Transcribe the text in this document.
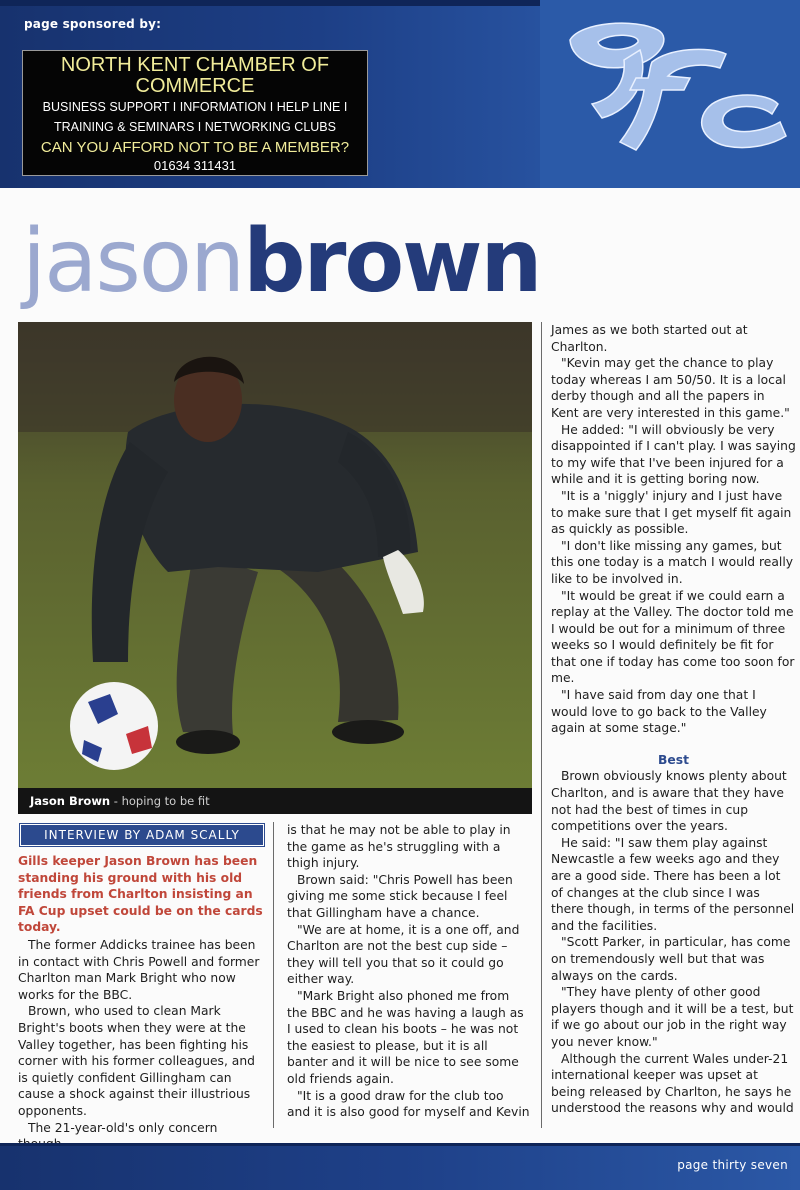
page sponsored by:
NORTH KENT CHAMBER OF COMMERCE
BUSINESS SUPPORT I INFORMATION I HELP LINE I
TRAINING & SEMINARS I NETWORKING CLUBS
CAN YOU AFFORD NOT TO BE A MEMBER?
01634 311431
jasonbrown
Jason Brown - hoping to be fit
INTERVIEW BY ADAM SCALLY

Gills keeper Jason Brown has been standing his ground with his old friends from Charlton insisting an FA Cup upset could be on the cards today.

The former Addicks trainee has been in contact with Chris Powell and former Charlton man Mark Bright who now works for the BBC.

Brown, who used to clean Mark Bright's boots when they were at the Valley together, has been fighting his corner with his former colleagues, and is quietly confident Gillingham can cause a shock against their illustrious opponents.

The 21-year-old's only concern

is that he may not be able to play in the game as he's struggling with a thigh injury.

Brown said: "Chris Powell has been giving me some stick because I feel that Gillingham have a chance.

"We are at home, it is a one off, and Charlton are not the best cup side – they will tell you that so it could go either way.

"Mark Bright also phoned me from the BBC and he was having a laugh as I used to clean his boots – he was not the easiest to please, but it is all banter and it will be nice to see some old friends again.

"It is a good draw for the club too and it is also good for myself and Kevin

James as we both started out at Charlton.

"Kevin may get the chance to play today whereas I am 50/50. It is a local derby though and all the papers in Kent are very interested in this game."

He added: "I will obviously be very disappointed if I can't play. I was saying to my wife that I've been injured for a while and it is getting boring now.

"It is a 'niggly' injury and I just have to make sure that I get myself fit again as quickly as possible.

"I don't like missing any games, but this one today is a match I would really like to be involved in.

"It would be great if we could earn a replay at the Valley. The doctor told me I would be out for a minimum of three weeks so I would definitely be fit for that one if today has come too soon for me.

"I have said from day one that I would love to go back to the Valley again at some stage."

Best

Brown obviously knows plenty about Charlton, and is aware that they have not had the best of times in cup competitions over the years.

He said: "I saw them play against Newcastle a few weeks ago and they are a good side. There has been a lot of changes at the club since I was there though, in terms of the personnel and the facilities.

"Scott Parker, in particular, has come on tremendously well but that was always on the cards.

"They have plenty of other good players though and it will be a test, but if we go about our job in the right way you never know."

Although the current Wales under-21 international keeper was upset at being released by Charlton, he says he understood the reasons why and would

page thirty seven
